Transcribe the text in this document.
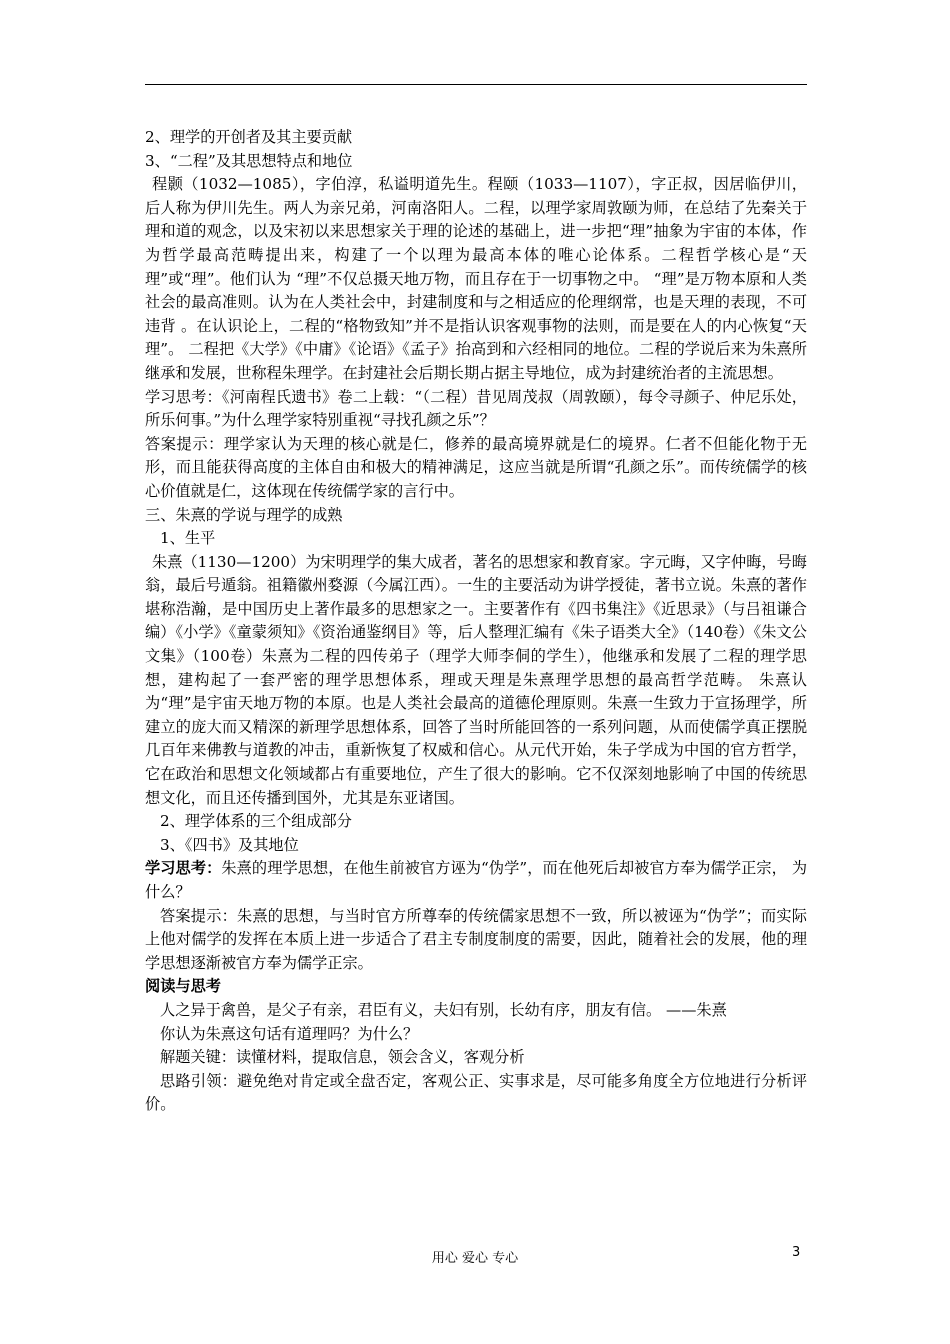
2、理学的开创者及其主要贡献

3、“二程”及其思想特点和地位

程颢（1032—1085），字伯淳，私谥明道先生。程颐（1033—1107），字正叔，因居临伊川，后人称为伊川先生。两人为亲兄弟，河南洛阳人。二程，以理学家周敦颐为师，在总结了先秦关于理和道的观念，以及宋初以来思想家关于理的论述的基础上，进一步把“理”抽象为宇宙的本体，作为哲学最高范畴提出来，构建了一个以理为最高本体的唯心论体系。二程哲学核心是“天理”或“理”。他们认为 “理”不仅总摄天地万物，而且存在于一切事物之中。 “理”是万物本原和人类社会的最高准则。认为在人类社会中，封建制度和与之相适应的伦理纲常，也是天理的表现，不可违背 。在认识论上，二程的“格物致知”并不是指认识客观事物的法则，而是要在人的内心恢复“天理”。 二程把《大学》《中庸》《论语》《孟子》抬高到和六经相同的地位。二程的学说后来为朱熹所继承和发展，世称程朱理学。在封建社会后期长期占据主导地位，成为封建统治者的主流思想。

学习思考：《河南程氏遗书》卷二上载：“（二程）昔见周茂叔（周敦颐），每令寻颜子、仲尼乐处，所乐何事。”为什么理学家特别重视“寻找孔颜之乐”？

答案提示：理学家认为天理的核心就是仁，修养的最高境界就是仁的境界。仁者不但能化物于无形，而且能获得高度的主体自由和极大的精神满足，这应当就是所谓“孔颜之乐”。而传统儒学的核心价值就是仁，这体现在传统儒学家的言行中。

三、朱熹的学说与理学的成熟

1、生平

朱熹（1130—1200）为宋明理学的集大成者，著名的思想家和教育家。字元晦，又字仲晦，号晦翁，最后号遁翁。祖籍徽州婺源（今属江西）。一生的主要活动为讲学授徒，著书立说。朱熹的著作堪称浩瀚，是中国历史上著作最多的思想家之一。主要著作有《四书集注》《近思录》（与吕祖谦合编）《小学》《童蒙须知》《资治通鉴纲目》等，后人整理汇编有《朱子语类大全》（140卷）《朱文公文集》（100卷）朱熹为二程的四传弟子（理学大师李侗的学生），他继承和发展了二程的理学思想，建构起了一套严密的理学思想体系，理或天理是朱熹理学思想的最高哲学范畴。 朱熹认为“理”是宇宙天地万物的本原。也是人类社会最高的道德伦理原则。朱熹一生致力于宣扬理学，所建立的庞大而又精深的新理学思想体系，回答了当时所能回答的一系列问题，从而使儒学真正摆脱几百年来佛教与道教的冲击，重新恢复了权威和信心。从元代开始，朱子学成为中国的官方哲学，它在政治和思想文化领域都占有重要地位，产生了很大的影响。它不仅深刻地影响了中国的传统思想文化，而且还传播到国外，尤其是东亚诸国。

2、理学体系的三个组成部分

3、《四书》及其地位

学习思考：朱熹的理学思想，在他生前被官方诬为“伪学”，而在他死后却被官方奉为儒学正宗， 为什么？

答案提示：朱熹的思想，与当时官方所尊奉的传统儒家思想不一致，所以被诬为“伪学”；而实际上他对儒学的发挥在本质上进一步适合了君主专制度制度的需要，因此，随着社会的发展，他的理学思想逐渐被官方奉为儒学正宗。

阅读与思考

人之异于禽兽，是父子有亲，君臣有义，夫妇有别，长幼有序，朋友有信。 ——朱熹

你认为朱熹这句话有道理吗？为什么？

解题关键：读懂材料，提取信息，领会含义，客观分析

思路引领：避免绝对肯定或全盘否定，客观公正、实事求是，尽可能多角度全方位地进行分析评价。

用心 爱心 专心	3
